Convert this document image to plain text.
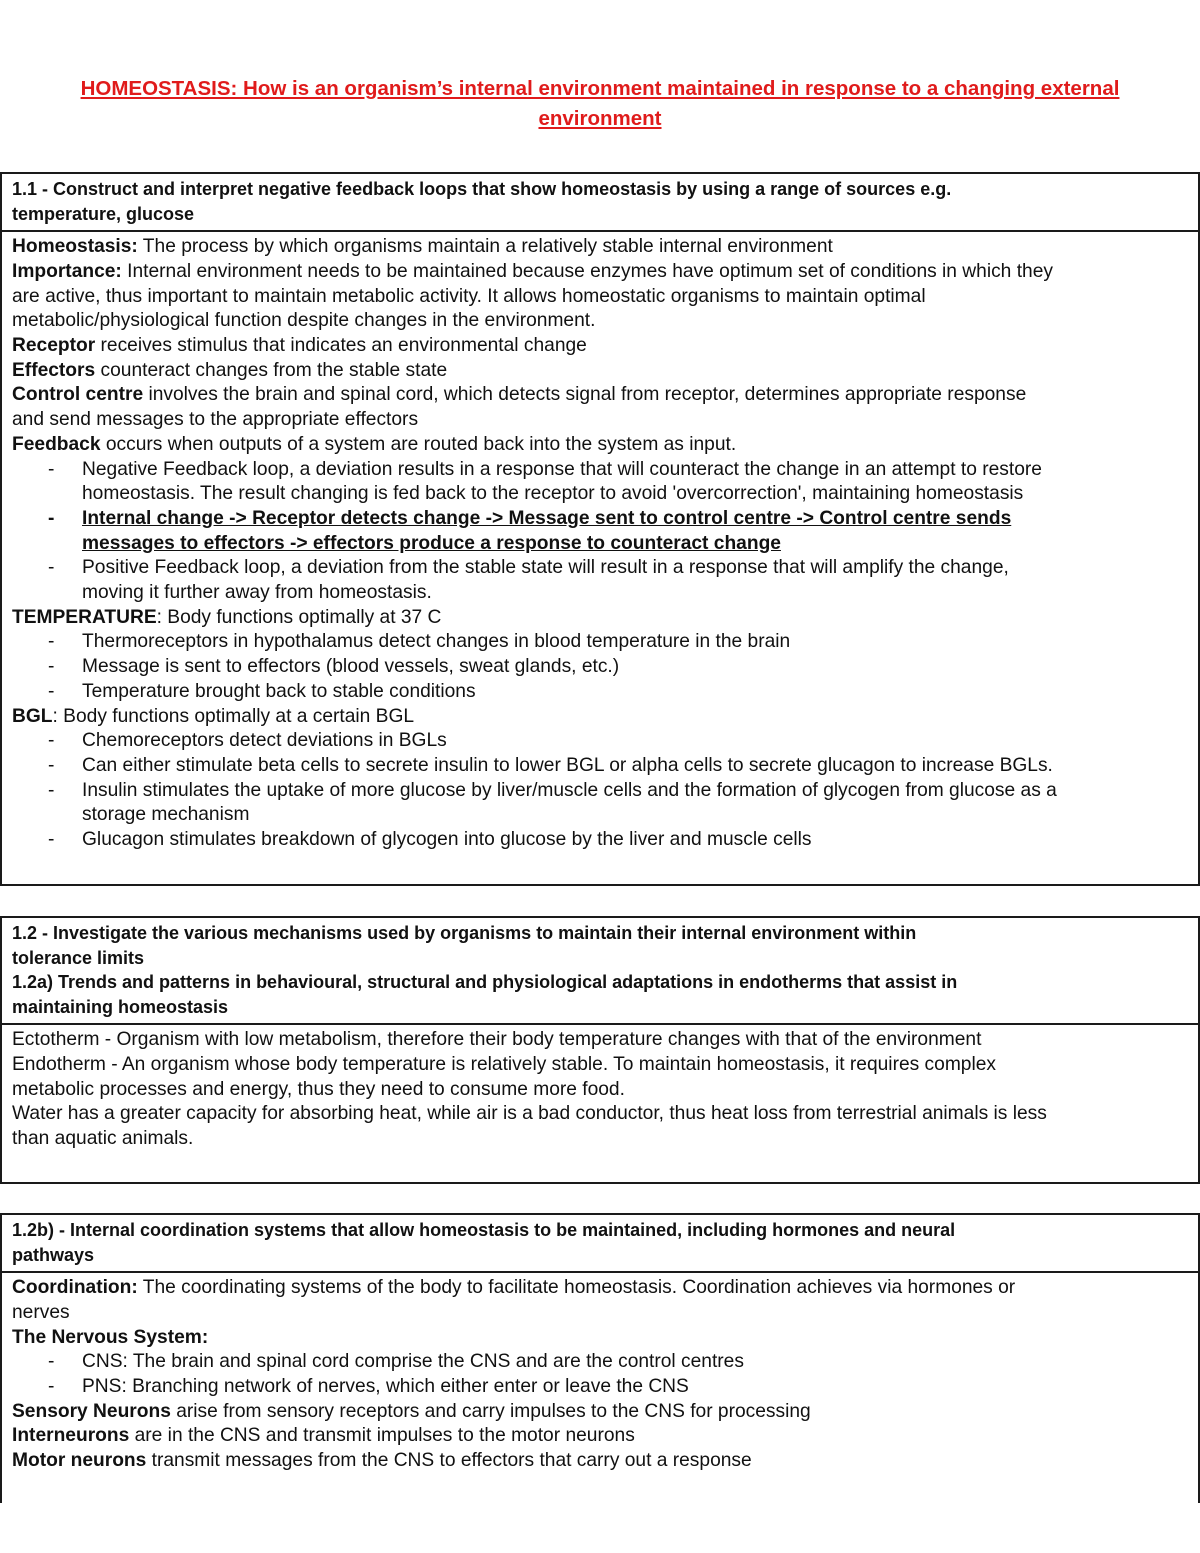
HOMEOSTASIS: How is an organism’s internal environment maintained in response to a changing external
environment
1.1 - Construct and interpret negative feedback loops that show homeostasis by using a range of sources e.g.
temperature, glucose
Homeostasis: The process by which organisms maintain a relatively stable internal environment
Importance: Internal environment needs to be maintained because enzymes have optimum set of conditions in which they
are active, thus important to maintain metabolic activity. It allows homeostatic organisms to maintain optimal
metabolic/physiological function despite changes in the environment.
Receptor receives stimulus that indicates an environmental change
Effectors counteract changes from the stable state
Control centre involves the brain and spinal cord, which detects signal from receptor, determines appropriate response
and send messages to the appropriate effectors
Feedback occurs when outputs of a system are routed back into the system as input.
- Negative Feedback loop, a deviation results in a response that will counteract the change in an attempt to restore
homeostasis. The result changing is fed back to the receptor to avoid 'overcorrection', maintaining homeostasis
- Internal change -> Receptor detects change -> Message sent to control centre -> Control centre sends
messages to effectors -> effectors produce a response to counteract change
- Positive Feedback loop, a deviation from the stable state will result in a response that will amplify the change,
moving it further away from homeostasis.
TEMPERATURE: Body functions optimally at 37 C
- Thermoreceptors in hypothalamus detect changes in blood temperature in the brain
- Message is sent to effectors (blood vessels, sweat glands, etc.)
- Temperature brought back to stable conditions
BGL: Body functions optimally at a certain BGL
- Chemoreceptors detect deviations in BGLs
- Can either stimulate beta cells to secrete insulin to lower BGL or alpha cells to secrete glucagon to increase BGLs.
- Insulin stimulates the uptake of more glucose by liver/muscle cells and the formation of glycogen from glucose as a
storage mechanism
- Glucagon stimulates breakdown of glycogen into glucose by the liver and muscle cells
1.2 - Investigate the various mechanisms used by organisms to maintain their internal environment within
tolerance limits
1.2a) Trends and patterns in behavioural, structural and physiological adaptations in endotherms that assist in
maintaining homeostasis
Ectotherm - Organism with low metabolism, therefore their body temperature changes with that of the environment
Endotherm - An organism whose body temperature is relatively stable. To maintain homeostasis, it requires complex
metabolic processes and energy, thus they need to consume more food.
Water has a greater capacity for absorbing heat, while air is a bad conductor, thus heat loss from terrestrial animals is less
than aquatic animals.
1.2b) - Internal coordination systems that allow homeostasis to be maintained, including hormones and neural
pathways
Coordination: The coordinating systems of the body to facilitate homeostasis. Coordination achieves via hormones or
nerves
The Nervous System:
- CNS: The brain and spinal cord comprise the CNS and are the control centres
- PNS: Branching network of nerves, which either enter or leave the CNS
Sensory Neurons arise from sensory receptors and carry impulses to the CNS for processing
Interneurons are in the CNS and transmit impulses to the motor neurons
Motor neurons transmit messages from the CNS to effectors that carry out a response
